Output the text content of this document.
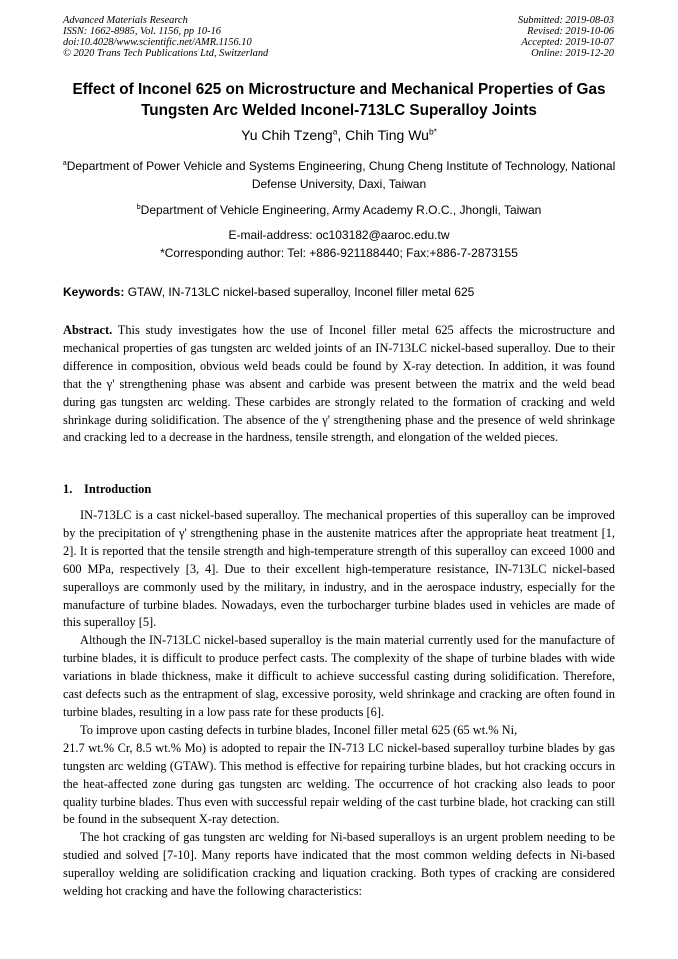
Advanced Materials Research
ISSN: 1662-8985, Vol. 1156, pp 10-16
doi:10.4028/www.scientific.net/AMR.1156.10
© 2020 Trans Tech Publications Ltd, Switzerland
Submitted: 2019-08-03
Revised: 2019-10-06
Accepted: 2019-10-07
Online: 2019-12-20
Effect of Inconel 625 on Microstructure and Mechanical Properties of Gas Tungsten Arc Welded Inconel-713LC Superalloy Joints
Yu Chih Tzeng$^a$, Chih Ting $Wu^{b*}$
$^a$Department of Power Vehicle and Systems Engineering, Chung Cheng Institute of Technology, National Defense University, Daxi, Taiwan
$^b$Department of Vehicle Engineering, Army Academy R.O.C., Jhongli, Taiwan
E-mail-address: oc103182@aaroc.edu.tw
*Corresponding author: Tel: +886-921188440; Fax:+886-7-2873155
Keywords: GTAW, IN-713LC nickel-based superalloy, Inconel filler metal 625
Abstract. This study investigates how the use of Inconel filler metal 625 affects the microstructure and mechanical properties of gas tungsten arc welded joints of an IN-713LC nickel-based superalloy. Due to their difference in composition, obvious weld beads could be found by X-ray detection. In addition, it was found that the γ' strengthening phase was absent and carbide was present between the matrix and the weld bead during gas tungsten arc welding. These carbides are strongly related to the formation of cracking and weld shrinkage during solidification. The absence of the γ' strengthening phase and the presence of weld shrinkage and cracking led to a decrease in the hardness, tensile strength, and elongation of the welded pieces.
1. Introduction

IN-713LC is a cast nickel-based superalloy. The mechanical properties of this superalloy can be improved by the precipitation of γ' strengthening phase in the austenite matrices after the appropriate heat treatment [1, 2]. It is reported that the tensile strength and high-temperature strength of this superalloy can exceed 1000 and 600 MPa, respectively [3, 4]. Due to their excellent high-temperature resistance, IN-713LC nickel-based superalloys are commonly used by the military, in industry, and in the aerospace industry, especially for the manufacture of turbine blades. Nowadays, even the turbocharger turbine blades used in vehicles are made of this superalloy [5].

Although the IN-713LC nickel-based superalloy is the main material currently used for the manufacture of turbine blades, it is difficult to produce perfect casts. The complexity of the shape of turbine blades with wide variations in blade thickness, make it difficult to achieve successful casting during solidification. Therefore, cast defects such as the entrapment of slag, excessive porosity, weld shrinkage and cracking are often found in turbine blades, resulting in a low pass rate for these products [6].

To improve upon casting defects in turbine blades, Inconel filler metal 625 (65 wt.% Ni,

21.7 wt.% Cr, 8.5 wt.% Mo) is adopted to repair the IN-713 LC nickel-based superalloy turbine blades by gas tungsten arc welding (GTAW). This method is effective for repairing turbine blades, but hot cracking occurs in the heat-affected zone during gas tungsten arc welding. The occurrence of hot cracking also leads to poor quality turbine blades. Thus even with successful repair welding of the cast turbine blade, hot cracking can still be found in the subsequent X-ray detection.

The hot cracking of gas tungsten arc welding for Ni-based superalloys is an urgent problem needing to be studied and solved [7-10]. Many reports have indicated that the most common welding defects in Ni-based superalloy welding are solidification cracking and liquation cracking. Both types of cracking are considered welding hot cracking and have the following characteristics:
